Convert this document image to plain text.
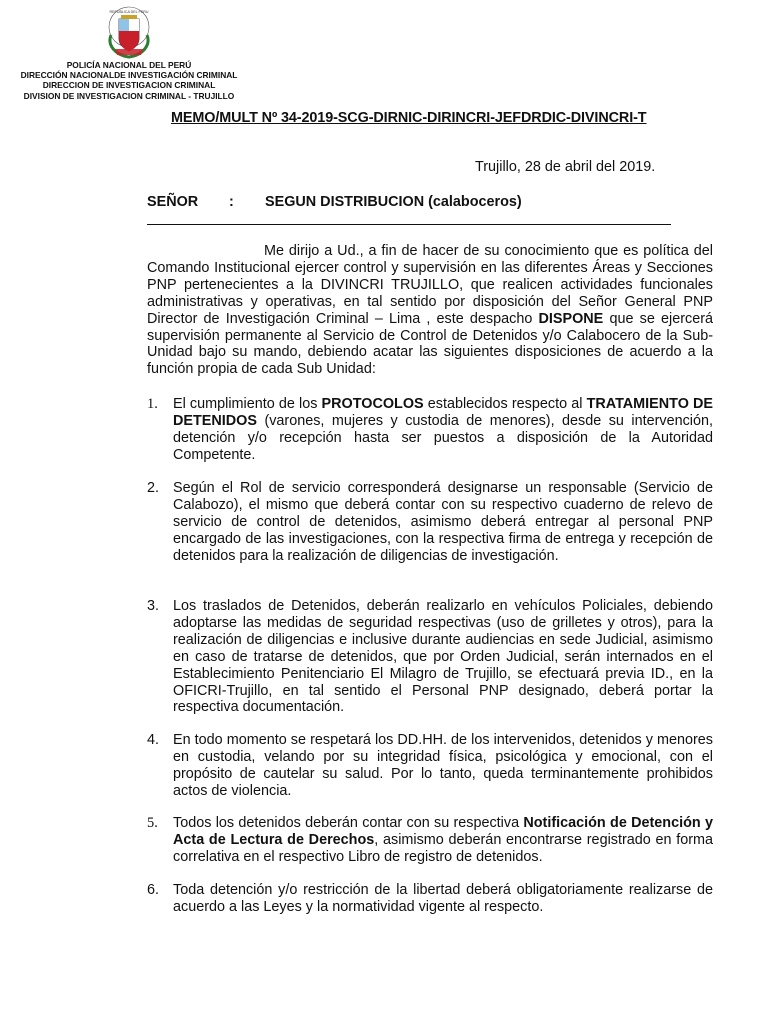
REPUBLICA DEL PERU
POLICÍA NACIONAL DEL PERÚ
DIRECCIÓN NACIONALDE INVESTIGACIÓN CRIMINAL
DIRECCION DE INVESTIGACION CRIMINAL
DIVISION DE INVESTIGACION CRIMINAL - TRUJILLO
MEMO/MULT Nº 34-2019-SCG-DIRNIC-DIRINCRI-JEFDRDIC-DIVINCRI-T
Trujillo, 28 de abril del 2019.
SEÑOR : SEGUN DISTRIBUCION (calaboceros)
Me dirijo a Ud., a fin de hacer de su conocimiento que es política del Comando Institucional ejercer control y supervisión en las diferentes Áreas y Secciones PNP pertenecientes a la DIVINCRI TRUJILLO, que realicen actividades funcionales administrativas y operativas, en tal sentido por disposición del Señor General PNP Director de Investigación Criminal – Lima , este despacho DISPONE que se ejercerá supervisión permanente al Servicio de Control de Detenidos y/o Calabocero de la Sub-Unidad bajo su mando, debiendo acatar las siguientes disposiciones de acuerdo a la función propia de cada Sub Unidad:
1.	El cumplimiento de los PROTOCOLOS establecidos respecto al TRATAMIENTO DE DETENIDOS (varones, mujeres y custodia de menores), desde su intervención, detención y/o recepción hasta ser puestos a disposición de la Autoridad Competente.
2. Según el Rol de servicio corresponderá designarse un responsable (Servicio de Calabozo), el mismo que deberá contar con su respectivo cuaderno de relevo de servicio de control de detenidos, asimismo deberá entregar al personal PNP encargado de las investigaciones, con la respectiva firma de entrega y recepción de detenidos para la realización de diligencias de investigación.
3. Los traslados de Detenidos, deberán realizarlo en vehículos Policiales, debiendo adoptarse las medidas de seguridad respectivas (uso de grilletes y otros), para la realización de diligencias e inclusive durante audiencias en sede Judicial, asimismo en caso de tratarse de detenidos, que por Orden Judicial, serán internados en el Establecimiento Penitenciario El Milagro de Trujillo, se efectuará previa ID., en la OFICRI-Trujillo, en tal sentido el Personal PNP designado, deberá portar la respectiva documentación.
4. En todo momento se respetará los DD.HH. de los intervenidos, detenidos y menores en custodia, velando por su integridad física, psicológica y emocional, con el propósito de cautelar su salud. Por lo tanto, queda terminantemente prohibidos actos de violencia.
5.	Todos los detenidos deberán contar con su respectiva Notificación de Detención y Acta de Lectura de Derechos, asimismo deberán encontrarse registrado en forma correlativa en el respectivo Libro de registro de detenidos.
6. Toda detención y/o restricción de la libertad deberá obligatoriamente realizarse de acuerdo a las Leyes y la normatividad vigente al respecto.
